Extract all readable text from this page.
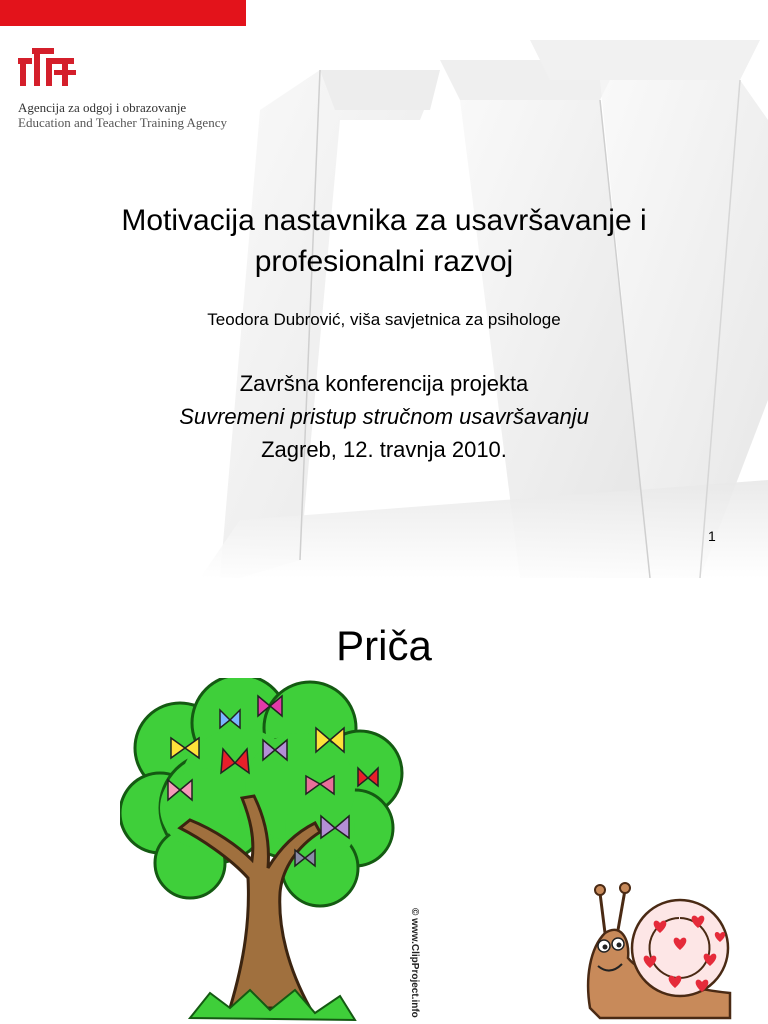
Agencija za odgoj i obrazovanje
Education and Teacher Training Agency
Motivacija nastavnika za usavršavanje i profesionalni razvoj
Teodora Dubrović, viša savjetnica za psihologe
Završna konferencija projekta
Suvremeni pristup stručnom usavršavanju
Zagreb, 12. travnja 2010.
1
Priča
© www.ClipProject.info
